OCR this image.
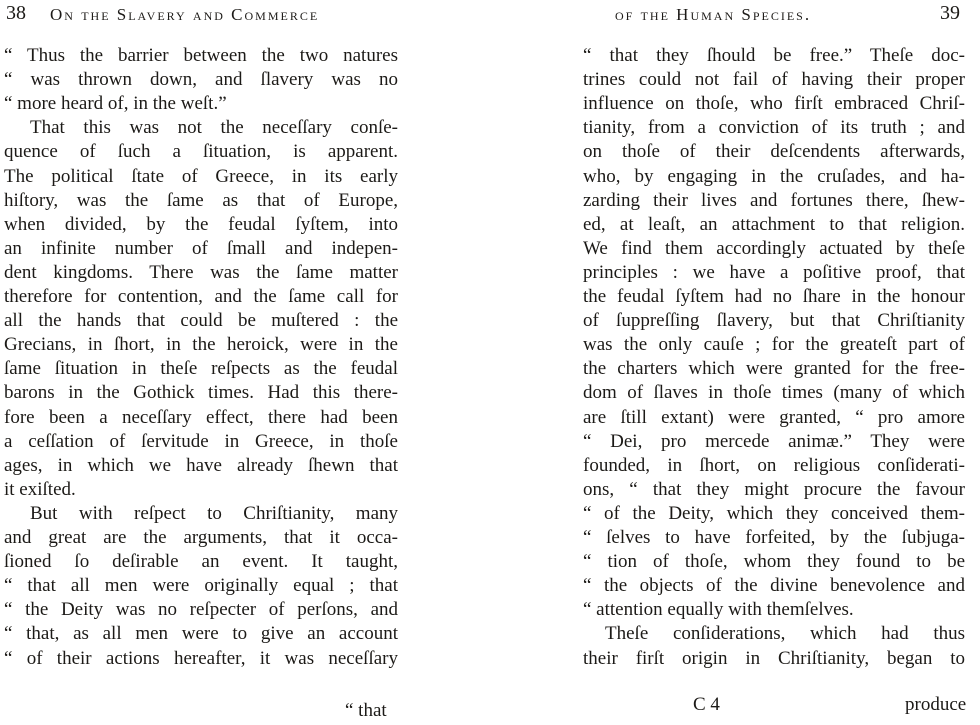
38 On the Slavery and Commerce
“ Thus the barrier between the two natures
“ was thrown down, and ſlavery was no
“ more heard of, in the weſt.”
That this was not the neceſſary conſe-
quence of ſuch a ſituation, is apparent.
The political ſtate of Greece, in its early
hiſtory, was the ſame as that of Europe,
when divided, by the feudal ſyſtem, into
an infinite number of ſmall and indepen-
dent kingdoms. There was the ſame matter
therefore for contention, and the ſame call for
all the hands that could be muſtered : the
Grecians, in ſhort, in the heroick, were in the
ſame ſituation in theſe reſpects as the feudal
barons in the Gothick times. Had this there-
fore been a neceſſary effect, there had been
a ceſſation of ſervitude in Greece, in thoſe
ages, in which we have already ſhewn that
it exiſted.
But with reſpect to Chriſtianity, many
and great are the arguments, that it occa-
ſioned ſo deſirable an event. It taught,
“ that all men were originally equal ; that
“ the Deity was no reſpecter of perſons, and
“ that, as all men were to give an account
“ of their actions hereafter, it was neceſſary
“ that
of the Human Species.	39
“ that they ſhould be free.” Theſe doc-
trines could not fail of having their proper
influence on thoſe, who firſt embraced Chriſ-
tianity, from a conviction of its truth ; and
on thoſe of their deſcendents afterwards,
who, by engaging in the cruſades, and ha-
zarding their lives and fortunes there, ſhew-
ed, at leaſt, an attachment to that religion.
We find them accordingly actuated by theſe
principles : we have a poſitive proof, that
the feudal ſyſtem had no ſhare in the honour
of ſuppreſſing ſlavery, but that Chriſtianity
was the only cauſe ; for the greateſt part of
the charters which were granted for the free-
dom of ſlaves in thoſe times (many of which
are ſtill extant) were granted, “ pro amore
“ Dei, pro mercede animæ.” They were
founded, in ſhort, on religious conſiderati-
ons, “ that they might procure the favour
“ of the Deity, which they conceived them-
“ ſelves to have forfeited, by the ſubjuga-
“ tion of thoſe, whom they found to be
“ the objects of the divine benevolence and
“ attention equally with themſelves.
Theſe conſiderations, which had thus
their firſt origin in Chriſtianity, began to
C 4	produce
